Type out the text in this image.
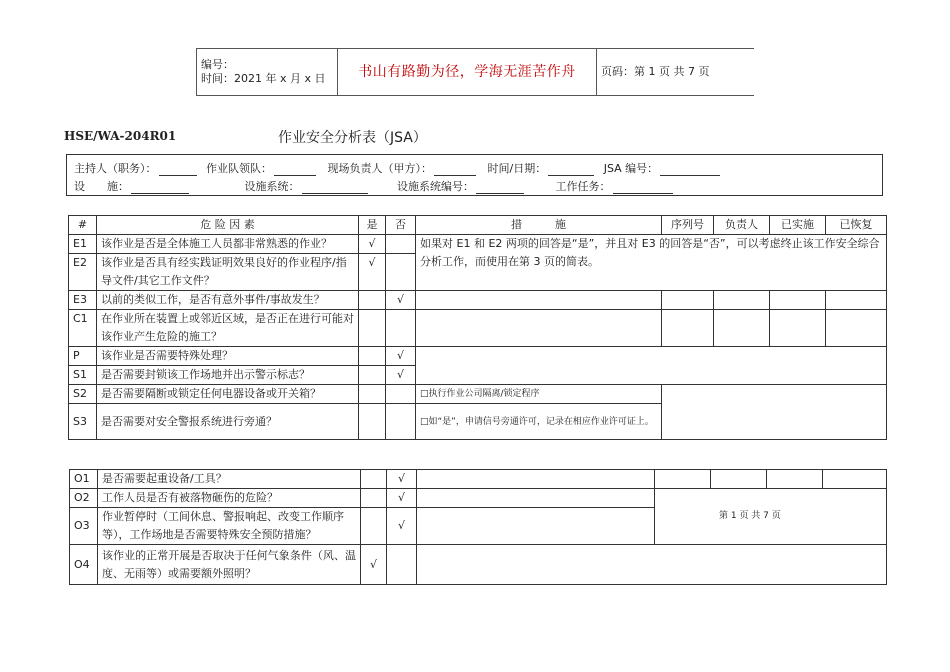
编号：
时间：2021 年 x 月 x 日	书山有路勤为径，学海无涯苦作舟	页码：第 1 页 共 7 页
HSE/WA-204R01	作业安全分析表（JSA）
主持人（职务）：	作业队领队：	现场负责人（甲方）：	时间/日期：	JSA 编号：
设　　施：	设施系统：	设施系统编号：	工作任务：
#	危 险 因 素	是	否	措　　　施	序列号	负责人	已实施	已恢复
E1	该作业是否是全体施工人员都非常熟悉的作业？	√		如果对 E1 和 E2 两项的回答是“是”，并且对 E3 的回答是“否”，可以考虑终止该工作安全综合分析工作，而使用在第 3 页的简表。				
E2	该作业是否具有经实践证明效果良好的作业程序/指导文件/其它工作文件？	√						
E3	以前的类似工作，是否有意外事件/事故发生？		√					
C1	在作业所在装置上或邻近区域，是否正在进行可能对该作业产生危险的施工？							
P	该作业是否需要特殊处理？		√					
S1	是否需要封锁该工作场地并出示警示标志？		√					
S2	是否需要隔断或锁定任何电器设备或开关箱？			□执行作业公司隔离/锁定程序				
S3	是否需要对安全警报系统进行旁通？			□如“是”，申请信号旁通许可，记录在相应作业许可证上。				
O1	是否需要起重设备/工具？		√					
O2	工作人员是否有被落物砸伤的危险？		√		第 1 页 共 7 页			

O3	作业暂停时（工间休息、警报响起、改变工作顺序等），工作场地是否需要特殊安全预防措施？		√					
O4	该作业的正常开展是否取决于任何气象条件（风、温度、无雨等）或需要额外照明？	√						
